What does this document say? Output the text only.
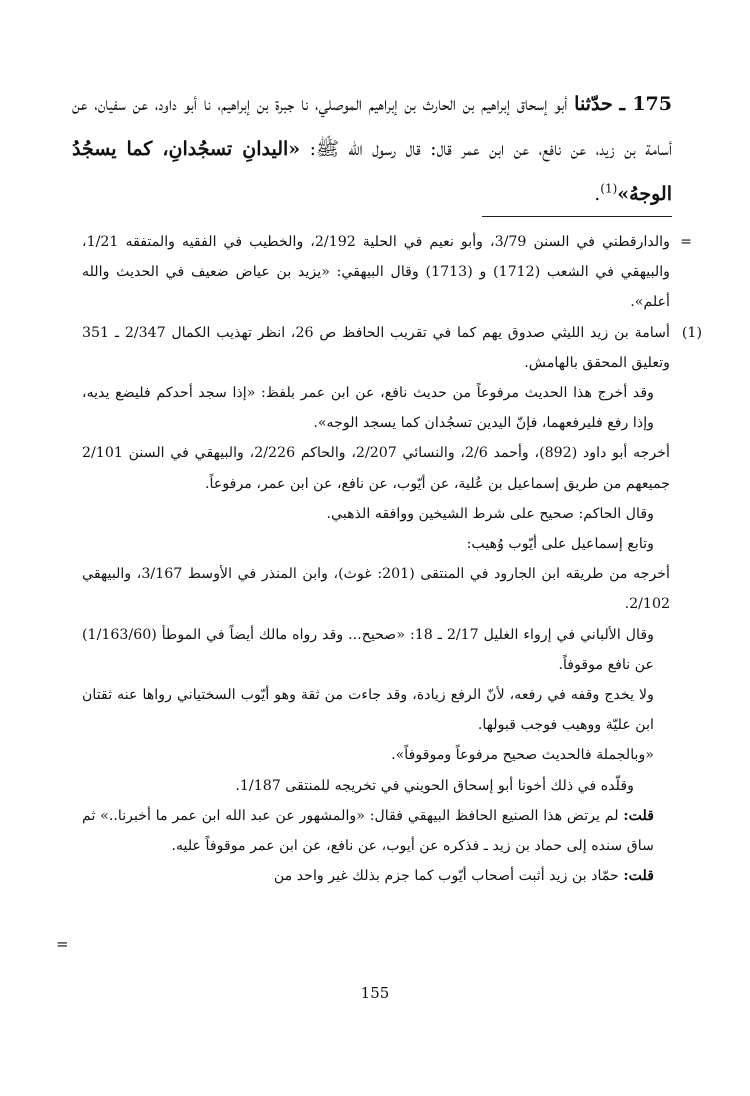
175 ـ حدّثنا أبو إسحاق إبراهيم بن الحارث بن إبراهيم الموصلي، نا جبرة بن إبراهيم، نا أبو داود، عن سفيان، عن أسامة بن زيد، عن نافع، عن ابن عمر قال: قال رسول الله ﷺ: «اليدانِ تسجُدانِ، كما يسجُدُ الوجهُ»$^{(1)}$.
=
والدارقطني في السنن 3/79، وأبو نعيم في الحلية 2/192، والخطيب في الفقيه والمتفقه 1/21، والبيهقي في الشعب (1712) و (1713) وقال البيهقي: «يزيد بن عياض ضعيف في الحديث والله أعلم».
(1)
أسامة بن زيد الليثي صدوق يهم كما في تقريب الحافظ ص 26، انظر تهذيب الكمال 2/347 ـ 351 وتعليق المحقق بالهامش.
وقد أخرج هذا الحديث مرفوعاً من حديث نافع، عن ابن عمر بلفظ: «إذا سجد أحدكم فليضع يديه، وإذا رفع فليرفعهما، فإنّ اليدين تسجُدان كما يسجد الوجه».
أخرجه أبو داود (892)، وأحمد 2/6، والنسائي 2/207، والحاكم 2/226، والبيهقي في السنن 2/101 جميعهم من طريق إسماعيل بن عُلية، عن أيّوب، عن نافع، عن ابن عمر، مرفوعاً.
وقال الحاكم: صحيح على شرط الشيخين ووافقه الذهبي.
وتابع إسماعيل على أيّوب وُهيب:
أخرجه من طريقه ابن الجارود في المنتقى (201: غوث)، وابن المنذر في الأوسط 3/167، والبيهقي 2/102.
وقال الألباني في إرواء الغليل 2/17 ـ 18: «صحيح... وقد رواه مالك أيضاً في الموطأ (1/163/60) عن نافع موقوفاً.
ولا يخدج وقفه في رفعه، لأنّ الرفع زيادة، وقد جاءت من ثقة وهو أيّوب السختياني رواها عنه ثقتان ابن عليّة ووهيب فوجب قبولها.
«وبالجملة فالحديث صحيح مرفوعاً وموقوفاً».
وقلّده في ذلك أخونا أبو إسحاق الحويني في تخريجه للمنتقى 1/187.
قلت: لم يرتض هذا الصنيع الحافظ البيهقي فقال: «والمشهور عن عبد الله ابن عمر ما أخبرنا..» ثم ساق سنده إلى حماد بن زيد ـ فذكره عن أيوب، عن نافع، عن ابن عمر موقوفاً عليه.
قلت: حمّاد بن زيد أثبت أصحاب أيّوب كما جزم بذلك غير واحد من
=
155
